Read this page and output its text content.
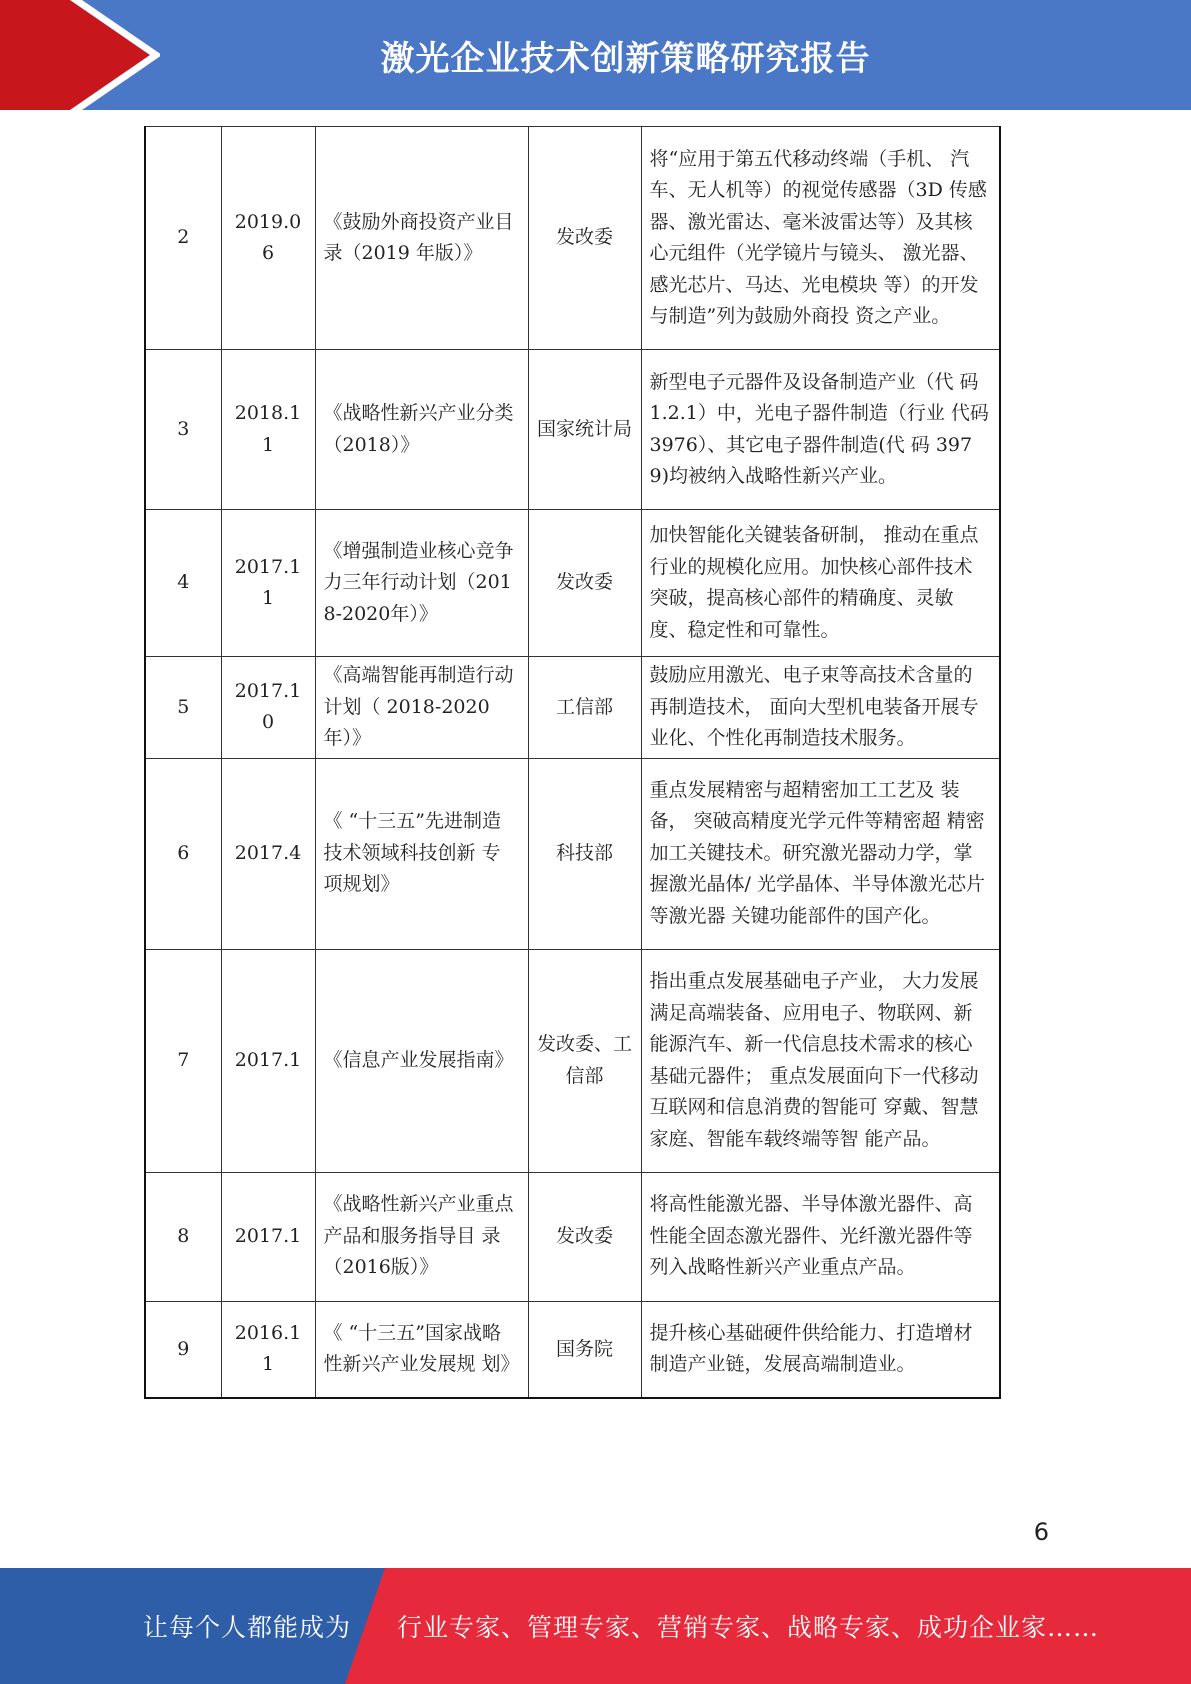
激光企业技术创新策略研究报告
2	2019.06	《鼓励外商投资产业目录（2019 年版）》	发改委	将“应用于第五代移动终端（手机、 汽车、无人机等）的视觉传感器（3D 传感器、激光雷达、毫米波雷达等）及其核心元组件（光学镜片与镜头、 激光器、感光芯片、马达、光电模块 等）的开发与制造”列为鼓励外商投 资之产业。
3	2018.11	《战略性新兴产业分类（2018）》	国家统计局	新型电子元器件及设备制造产业（代 码 1.2.1）中，光电子器件制造（行业 代码 3976）、其它电子器件制造(代 码 3979)均被纳入战略性新兴产业。
4	2017.11	《增强制造业核心竞争力三年行动计划（2018-2020年）》	发改委	加快智能化关键装备研制， 推动在重点行业的规模化应用。加快核心部件技术突破，提高核心部件的精确度、灵敏度、稳定性和可靠性。
5	2017.10	《高端智能再制造行动计划（ 2018-2020 年）》	工信部	鼓励应用激光、电子束等高技术含量的再制造技术， 面向大型机电装备开展专业化、个性化再制造技术服务。
6	2017.4	《 “十三五”先进制造技术领域科技创新 专项规划》	科技部	重点发展精密与超精密加工工艺及 装备， 突破高精度光学元件等精密超 精密加工关键技术。研究激光器动力学，掌握激光晶体/ 光学晶体、半导体激光芯片等激光器 关键功能部件的国产化。
7	2017.1	《信息产业发展指南》	发改委、工信部	指出重点发展基础电子产业， 大力发展满足高端装备、应用电子、物联网、新能源汽车、新一代信息技术需求的核心基础元器件； 重点发展面向下一代移动互联网和信息消费的智能可 穿戴、智慧家庭、智能车载终端等智 能产品。
8	2017.1	《战略性新兴产业重点产品和服务指导目 录（2016版）》	发改委	将高性能激光器、半导体激光器件、高性能全固态激光器件、光纤激光器件等列入战略性新兴产业重点产品。
9	2016.11	《 “十三五”国家战略性新兴产业发展规 划》	国务院	提升核心基础硬件供给能力、打造增材制造产业链，发展高端制造业。
6
让每个人都能成为 行业专家、管理专家、营销专家、战略专家、成功企业家……
